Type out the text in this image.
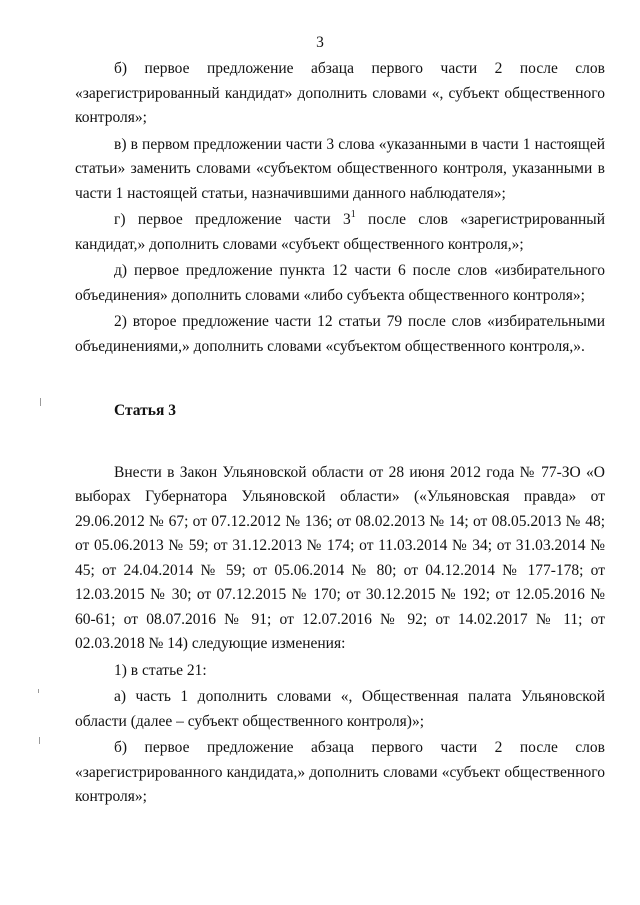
3

б) первое предложение абзаца первого части 2 после слов «зарегистрированный кандидат» дополнить словами «, субъект общественного контроля»;

в) в первом предложении части 3 слова «указанными в части 1 настоящей статьи» заменить словами «субъектом общественного контроля, указанными в части 1 настоящей статьи, назначившими данного наблюдателя»;

г) первое предложение части $3^1$ после слов «зарегистрированный кандидат,» дополнить словами «субъект общественного контроля,»;

д) первое предложение пункта 12 части 6 после слов «избирательного объединения» дополнить словами «либо субъекта общественного контроля»;

2) второе предложение части 12 статьи 79 после слов «избирательными объединениями,» дополнить словами «субъектом общественного контроля,».

Статья 3

Внести в Закон Ульяновской области от 28 июня 2012 года № 77-ЗО «О выборах Губернатора Ульяновской области» («Ульяновская правда» от 29.06.2012 № 67; от 07.12.2012 № 136; от 08.02.2013 № 14; от 08.05.2013 № 48; от 05.06.2013 № 59; от 31.12.2013 № 174; от 11.03.2014 № 34; от 31.03.2014 № 45; от 24.04.2014 № 59; от 05.06.2014 № 80; от 04.12.2014 № 177-178; от 12.03.2015 № 30; от 07.12.2015 № 170; от 30.12.2015 № 192; от 12.05.2016 № 60-61; от 08.07.2016 № 91; от 12.07.2016 № 92; от 14.02.2017 № 11; от 02.03.2018 № 14) следующие изменения:

1) в статье 21:

а) часть 1 дополнить словами «, Общественная палата Ульяновской области (далее – субъект общественного контроля)»;

б) первое предложение абзаца первого части 2 после слов «зарегистрированного кандидата,» дополнить словами «субъект общественного контроля»;
